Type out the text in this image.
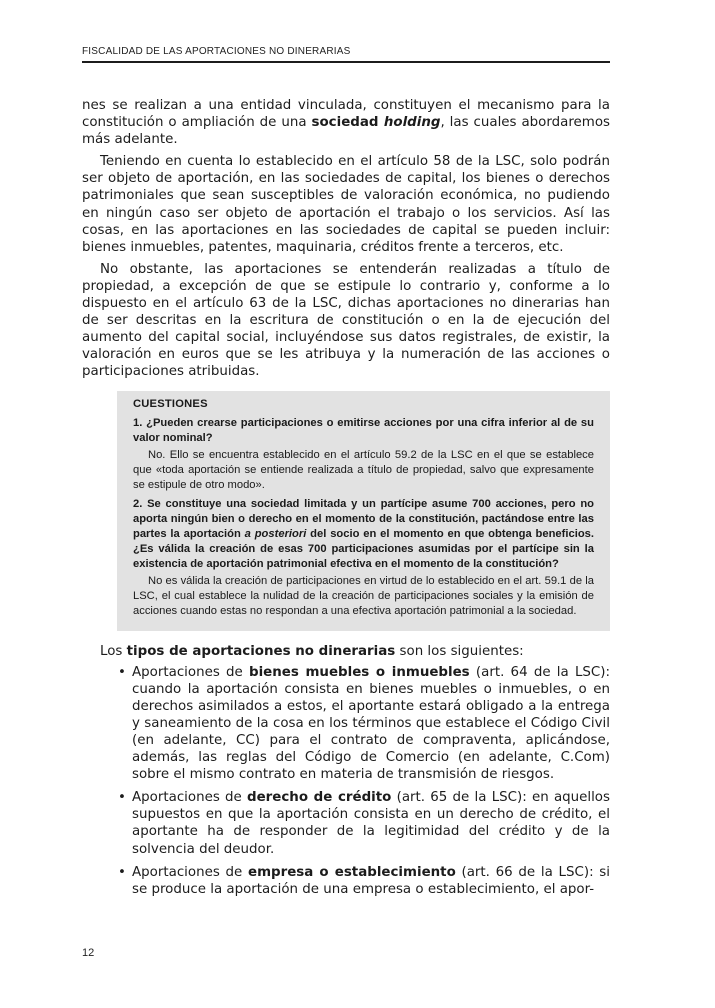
FISCALIDAD DE LAS APORTACIONES NO DINERARIAS

nes se realizan a una entidad vinculada, constituyen el mecanismo para la constitución o ampliación de una sociedad holding, las cuales abordaremos más adelante.

Teniendo en cuenta lo establecido en el artículo 58 de la LSC, solo podrán ser objeto de aportación, en las sociedades de capital, los bienes o derechos patrimoniales que sean susceptibles de valoración económica, no pudiendo en ningún caso ser objeto de aportación el trabajo o los servicios. Así las cosas, en las aportaciones en las sociedades de capital se pueden incluir: bienes inmuebles, patentes, maquinaria, créditos frente a terceros, etc.

No obstante, las aportaciones se entenderán realizadas a título de propiedad, a excepción de que se estipule lo contrario y, conforme a lo dispuesto en el artículo 63 de la LSC, dichas aportaciones no dinerarias han de ser descritas en la escritura de constitución o en la de ejecución del aumento del capital social, incluyéndose sus datos registrales, de existir, la valoración en euros que se les atribuya y la numeración de las acciones o participaciones atribuidas.

CUESTIONES
1. ¿Pueden crearse participaciones o emitirse acciones por una cifra inferior al de su valor nominal?
No. Ello se encuentra establecido en el artículo 59.2 de la LSC en el que se establece que «toda aportación se entiende realizada a título de propiedad, salvo que expresamente se estipule de otro modo».
2. Se constituye una sociedad limitada y un partícipe asume 700 acciones, pero no aporta ningún bien o derecho en el momento de la constitución, pactándose entre las partes la aportación a posteriori del socio en el momento en que obtenga beneficios. ¿Es válida la creación de esas 700 participaciones asumidas por el partícipe sin la existencia de aportación patrimonial efectiva en el momento de la constitución?
No es válida la creación de participaciones en virtud de lo establecido en el art. 59.1 de la LSC, el cual establece la nulidad de la creación de participaciones sociales y la emisión de acciones cuando estas no respondan a una efectiva aportación patrimonial a la sociedad.

Los tipos de aportaciones no dinerarias son los siguientes:

• Aportaciones de bienes muebles o inmuebles (art. 64 de la LSC): cuando la aportación consista en bienes muebles o inmuebles, o en derechos asimilados a estos, el aportante estará obligado a la entrega y saneamiento de la cosa en los términos que establece el Código Civil (en adelante, CC) para el contrato de compraventa, aplicándose, además, las reglas del Código de Comercio (en adelante, C.Com) sobre el mismo contrato en materia de transmisión de riesgos.
• Aportaciones de derecho de crédito (art. 65 de la LSC): en aquellos supuestos en que la aportación consista en un derecho de crédito, el aportante ha de responder de la legitimidad del crédito y de la solvencia del deudor.
• Aportaciones de empresa o establecimiento (art. 66 de la LSC): si se produce la aportación de una empresa o establecimiento, el apor-
12
